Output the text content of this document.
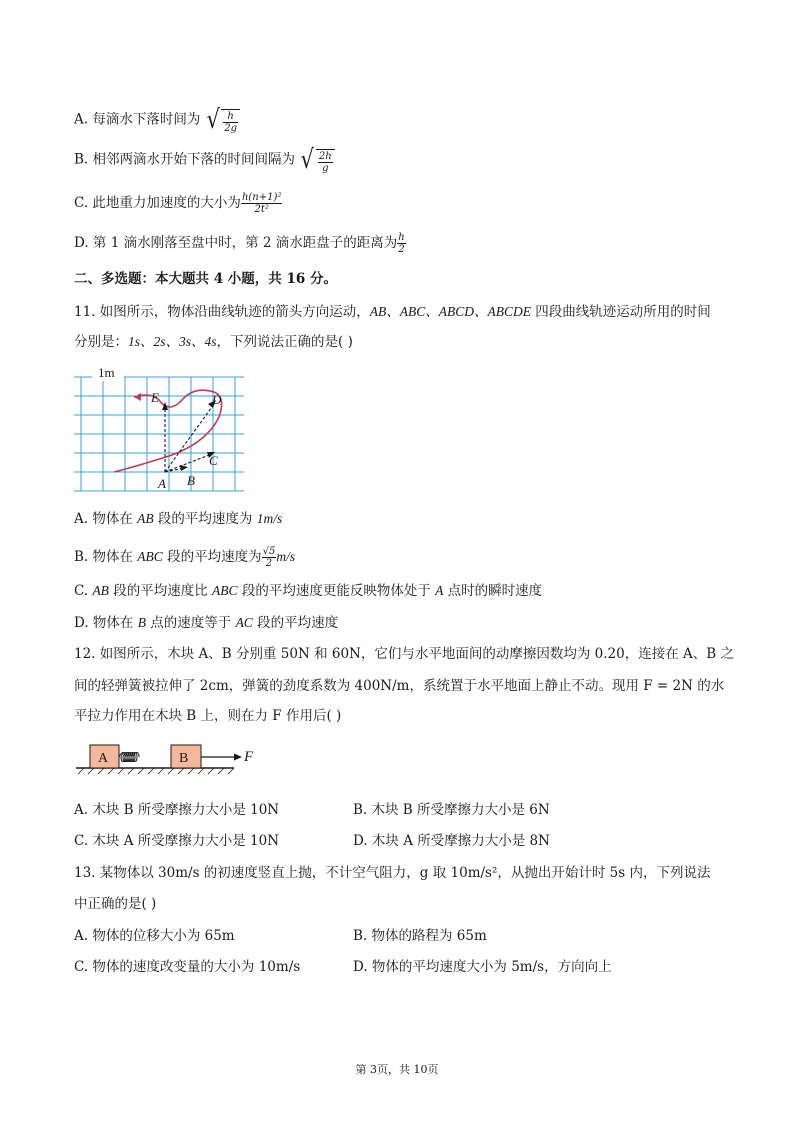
A. 每滴水下落时间为 √ $\frac{h}{2g}$
B. 相邻两滴水开始下落的时间间隔为 √ $\frac{2h}{g}$
C. 此地重力加速度的大小为 $\frac{\text{h(n+1)²}}{\text{2t²}}$
D. 第 1 滴水刚落至盘中时，第 2 滴水距盘子的距离为 $\frac{h}{2}$
二、多选题：本大题共 4 小题，共 16 分。
11. 如图所示，物体沿曲线轨迹的箭头方向运动，AB、ABC、ABCD、ABCDE 四段曲线轨迹运动所用的时间
分别是：1s、2s、3s、4s，下列说法正确的是( )
1m
A B
C
D
E
A. 物体在 AB 段的平均速度为 1m/s
B. 物体在 ABC 段的平均速度为 $\frac{√5}{2} m/s$
C. AB 段的平均速度比 ABC 段的平均速度更能反映物体处于 A 点时的瞬时速度
D. 物体在 B 点的速度等于 AC 段的平均速度
12. 如图所示，木块 A、B 分别重 50N 和 60N，它们与水平地面间的动摩擦因数均为 0.20，连接在 A、B 之
间的轻弹簧被拉伸了 2cm，弹簧的劲度系数为 400N/m，系统置于水平地面上静止不动。现用 F = 2N 的水
平拉力作用在木块 B 上，则在力 F 作用后( )
A	B	F
A. 木块 B 所受摩擦力大小是 10N	B. 木块 B 所受摩擦力大小是 6N
C. 木块 A 所受摩擦力大小是 10N	D. 木块 A 所受摩擦力大小是 8N
13. 某物体以 30m/s 的初速度竖直上抛，不计空气阻力，g 取 10m/s²，从抛出开始计时 5s 内，下列说法
中正确的是( )
A. 物体的位移大小为 65m	B. 物体的路程为 65m
C. 物体的速度改变量的大小为 10m/s	D. 物体的平均速度大小为 5m/s，方向向上
第 3页，共 10页
